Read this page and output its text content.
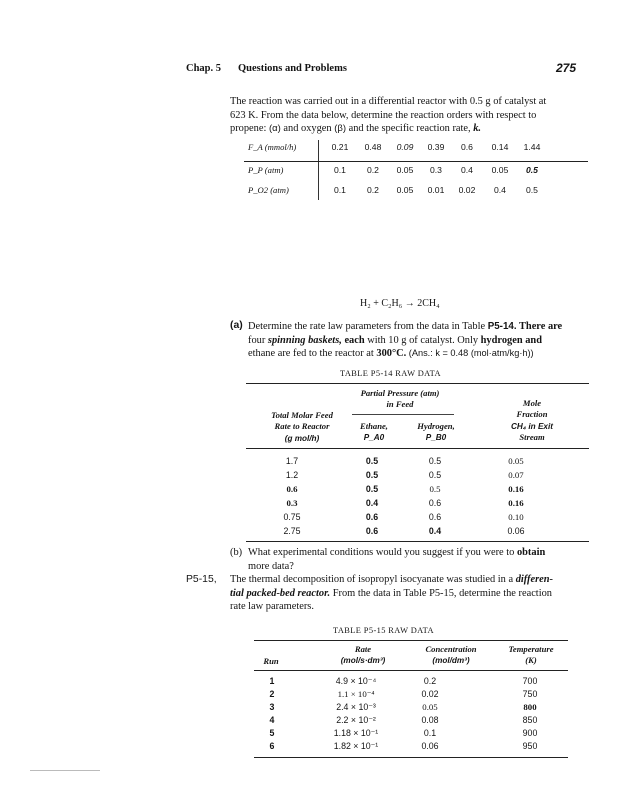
Chap. 5 Questions and Problems	275
The reaction was carried out in a differential reactor with 0.5 g of catalyst at
623 K. From the data below, determine the reaction orders with respect to
propene: (α) and oxygen (β) and the specific reaction rate, k.
F_A (mmol/h)	0.21	0.48	0.09	0.39	0.6	0.14	1.44
P_P (atm)	0.1	0.2	0.05	0.3	0.4	0.05	0.5
P_O2 (atm)	0.1	0.2	0.05	0.01	0.02	0.4	0.5
H₂ + C₂H₆ → 2CH₄
(a) Determine the rate law parameters from the data in Table P5-14. There are
four spinning baskets, each with 10 g of catalyst. Only hydrogen and
ethane are fed to the reactor at 300°C. (Ans.: k = 0.48 (mol·atm/kg·h))
TABLE P5-14 RAW DATA
Partial Pressure (atm)
in Feed
Total Molar Feed
Rate to Reactor
(g mol/h)
Ethane,
P_A0
Hydrogen,
P_B0
Mole
Fraction
CH₄ in Exit
Stream
1.7	0.5	0.5	0.05
1.2	0.5	0.5	0.07
0.6	0.5	0.5	0.16
0.3	0.4	0.6	0.16
0.75	0.6	0.6	0.10
2.75	0.6	0.4	0.06
(b) What experimental conditions would you suggest if you were to obtain
more data?
P5-15, The thermal decomposition of isopropyl isocyanate was studied in a differen-
tial packed-bed reactor. From the data in Table P5-15, determine the reaction
rate law parameters.
TABLE P5-15 RAW DATA
Run
Rate
(mol/s·dm³)
Concentration
(mol/dm³)
Temperature
(K)
1	4.9 × 10⁻⁴	0.2	700
2	1.1 × 10⁻⁴	0.02	750
3	2.4 × 10⁻³	0.05	800
4	2.2 × 10⁻²	0.08	850
5	1.18 × 10⁻¹	0.1	900
6	1.82 × 10⁻¹	0.06	950
